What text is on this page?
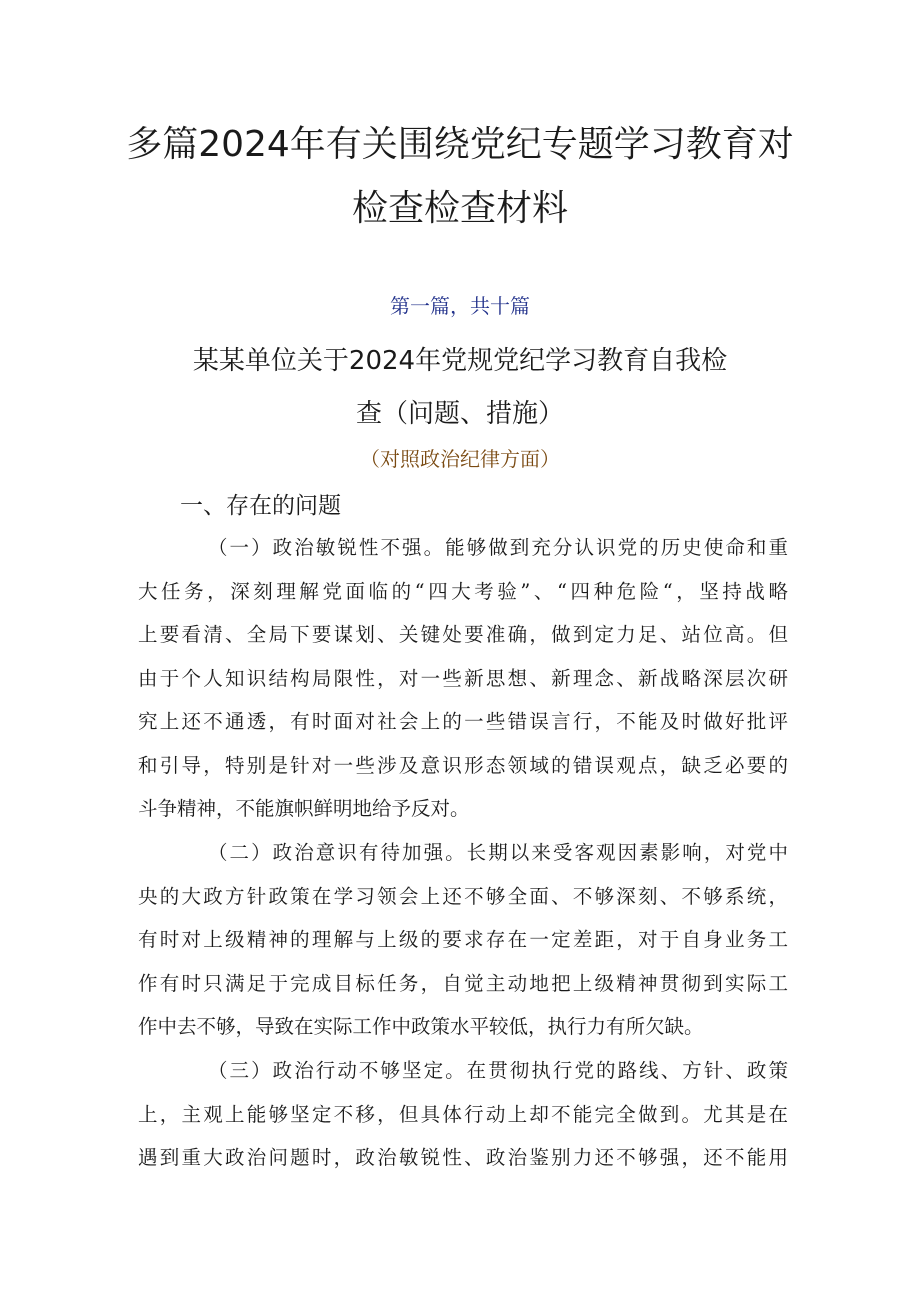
多篇2024年有关围绕党纪专题学习教育对
检查检查材料
第一篇，共十篇
某某单位关于2024年党规党纪学习教育自我检
查（问题、措施）
（对照政治纪律方面）
一、存在的问题
（一）政治敏锐性不强。能够做到充分认识党的历史使命和重
大任务，深刻理解党面临的“四大考验”、“四种危险“，坚持战略
上要看清、全局下要谋划、关键处要准确，做到定力足、站位高。但
由于个人知识结构局限性，对一些新思想、新理念、新战略深层次研
究上还不通透，有时面对社会上的一些错误言行，不能及时做好批评
和引导，特别是针对一些涉及意识形态领域的错误观点，缺乏必要的
斗争精神，不能旗帜鲜明地给予反对。
（二）政治意识有待加强。长期以来受客观因素影响，对党中
央的大政方针政策在学习领会上还不够全面、不够深刻、不够系统，
有时对上级精神的理解与上级的要求存在一定差距，对于自身业务工
作有时只满足于完成目标任务，自觉主动地把上级精神贯彻到实际工
作中去不够，导致在实际工作中政策水平较低，执行力有所欠缺。
（三）政治行动不够坚定。在贯彻执行党的路线、方针、政策
上，主观上能够坚定不移，但具体行动上却不能完全做到。尤其是在
遇到重大政治问题时，政治敏锐性、政治鉴别力还不够强，还不能用
